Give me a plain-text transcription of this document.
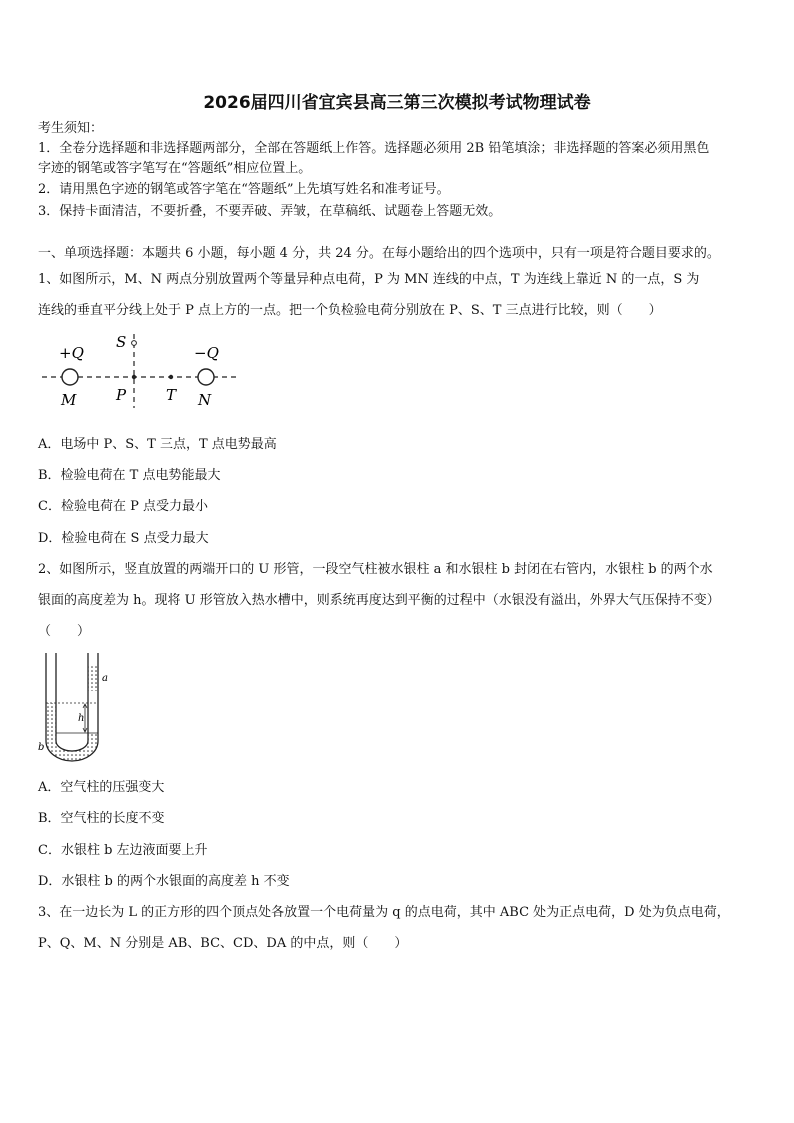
2026届四川省宜宾县高三第三次模拟考试物理试卷
考生须知：
1．全卷分选择题和非选择题两部分，全部在答题纸上作答。选择题必须用 2B 铅笔填涂；非选择题的答案必须用黑色
字迹的钢笔或答字笔写在“答题纸”相应位置上。
2．请用黑色字迹的钢笔或答字笔在“答题纸”上先填写姓名和准考证号。
3．保持卡面清洁，不要折叠，不要弄破、弄皱，在草稿纸、试题卷上答题无效。
一、单项选择题：本题共 6 小题，每小题 4 分，共 24 分。在每小题给出的四个选项中，只有一项是符合题目要求的。
1、如图所示，M、N 两点分别放置两个等量异种点电荷，P 为 MN 连线的中点，T 为连线上靠近 N 的一点，S 为
连线的垂直平分线上处于 P 点上方的一点。把一个负检验电荷分别放在 P、S、T 三点进行比较，则（　　）
+Q	−Q
S
M	P	T N
A．电场中 P、S、T 三点，T 点电势最高
B．检验电荷在 T 点电势能最大
C．检验电荷在 P 点受力最小
D．检验电荷在 S 点受力最大
2、如图所示，竖直放置的两端开口的 U 形管，一段空气柱被水银柱 a 和水银柱 b 封闭在右管内，水银柱 b 的两个水
银面的高度差为 h。现将 U 形管放入热水槽中，则系统再度达到平衡的过程中（水银没有溢出，外界大气压保持不变）
（　　）
h
a
b
A．空气柱的压强变大
B．空气柱的长度不变
C．水银柱 b 左边液面要上升
D．水银柱 b 的两个水银面的高度差 h 不变
3、在一边长为 L 的正方形的四个顶点处各放置一个电荷量为 q 的点电荷，其中 ABC 处为正点电荷，D 处为负点电荷，
P、Q、M、N 分别是 AB、BC、CD、DA 的中点，则（　　）
